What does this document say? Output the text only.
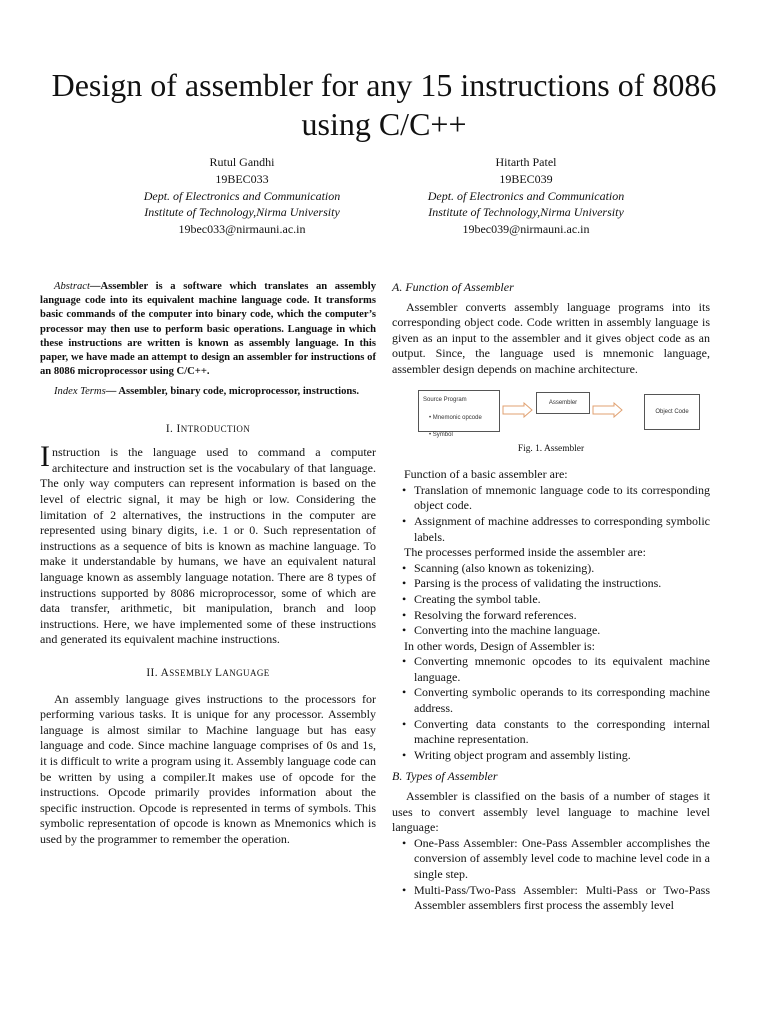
Design of assembler for any 15 instructions of 8086 using C/C++
Rutul Gandhi
19BEC033
Dept. of Electronics and Communication
Institute of Technology,Nirma University
19bec033@nirmauni.ac.in
Hitarth Patel
19BEC039
Dept. of Electronics and Communication
Institute of Technology,Nirma University
19bec039@nirmauni.ac.in

Abstract—Assembler is a software which translates an assembly language code into its equivalent machine language code. It transforms basic commands of the computer into binary code, which the computer’s processor may then use to perform basic operations. Language in which these instructions are written is known as assembly language. In this paper, we have made an attempt to design an assembler for instructions of an 8086 microprocessor using C/C++.

Index Terms— Assembler, binary code, microprocessor, instructions.

I. INTRODUCTION

Instruction is the language used to command a computer architecture and instruction set is the vocabulary of that language. The only way computers can represent information is based on the level of electric signal, it may be high or low. Considering the limitation of 2 alternatives, the instructions in the computer are represented using binary digits, i.e. 1 or 0. Such representation of instructions as a sequence of bits is known as machine language. To make it understandable by humans, we have an equivalent natural language known as assembly language notation. There are 8 types of instructions supported by 8086 microprocessor, some of which are data transfer, arithmetic, bit manipulation, branch and loop instructions. Here, we have implemented some of these instructions and generated its equivalent machine instructions.

II. ASSEMBLY LANGUAGE

An assembly language gives instructions to the processors for performing various tasks. It is unique for any processor. Assembly language is almost similar to Machine language but has easy language and code. Since machine language comprises of 0s and 1s, it is difficult to write a program using it. Assembly language code can be written by using a compiler.It makes use of opcode for the instructions. Opcode primarily provides information about the specific instruction. Opcode is represented in terms of symbols. This symbolic representation of opcode is known as Mnemonics which is used by the programmer to remember the operation.

A. Function of Assembler

Assembler converts assembly language programs into its corresponding object code. Code written in assembly language is given as an input to the assembler and it gives object code as an output. Since, the language used is mnemonic language, assembler design depends on machine architecture.

Source Program
• Mnemonic opcode
• Symbol
Assembler
Object Code

Fig. 1. Assembler

Function of a basic assembler are:

• Translation of mnemonic language code to its corresponding object code.
• Assignment of machine addresses to corresponding symbolic labels.

The processes performed inside the assembler are:

• Scanning (also known as tokenizing).
• Parsing is the process of validating the instructions.
• Creating the symbol table.
• Resolving the forward references.
• Converting into the machine language.

In other words, Design of Assembler is:

• Converting mnemonic opcodes to its equivalent machine language.
• Converting symbolic operands to its corresponding machine address.
• Converting data constants to the corresponding internal machine representation.
• Writing object program and assembly listing.

B. Types of Assembler

Assembler is classified on the basis of a number of stages it uses to convert assembly level language to machine level language:

• One-Pass Assembler: One-Pass Assembler accomplishes the conversion of assembly level code to machine level code in a single step.
• Multi-Pass/Two-Pass Assembler: Multi-Pass or Two-Pass Assembler assemblers first process the assembly level
